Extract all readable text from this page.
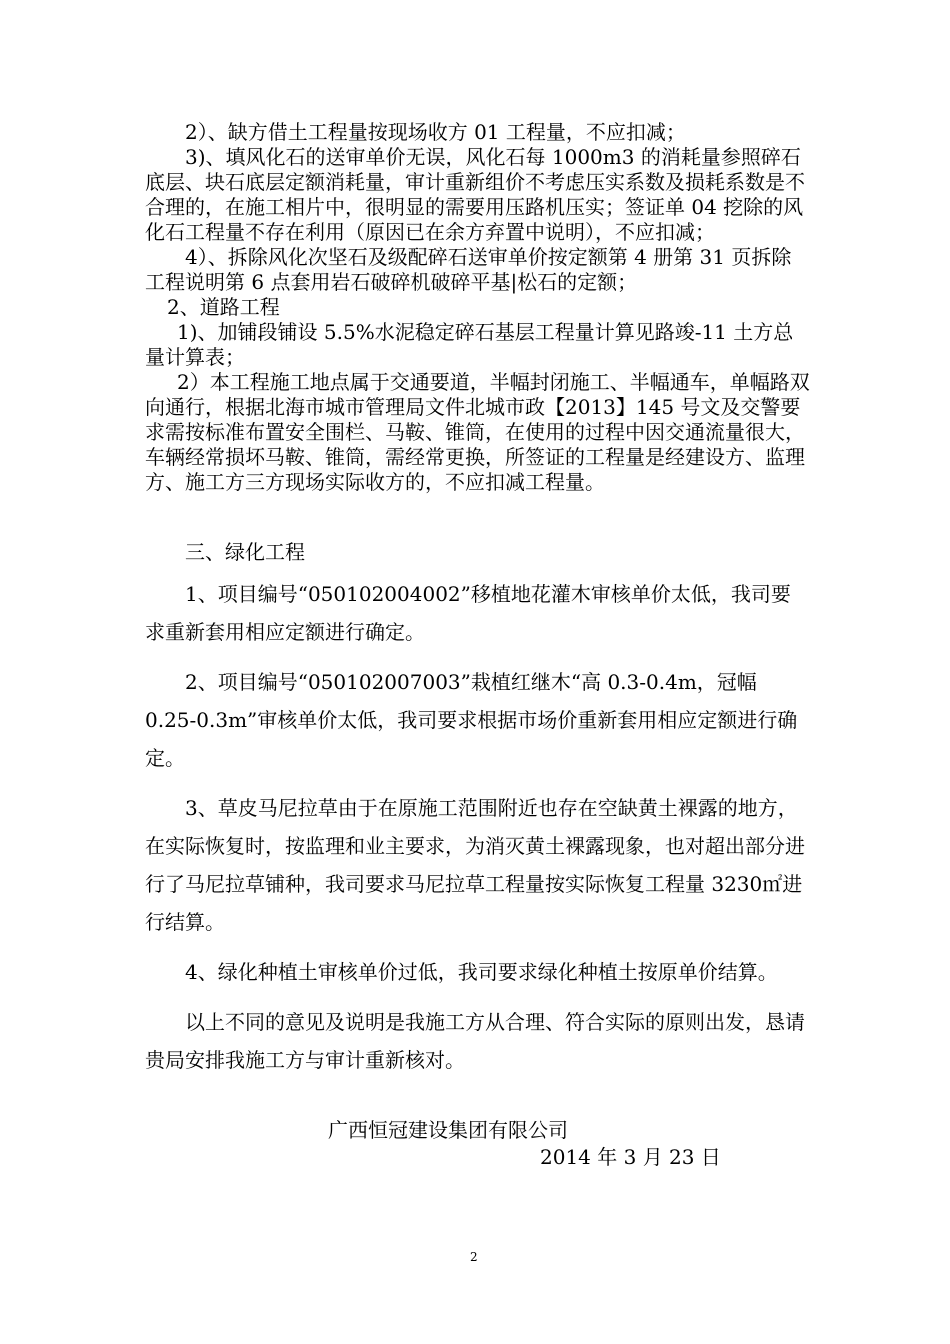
2）、缺方借土工程量按现场收方 01 工程量，不应扣减；

3)、填风化石的送审单价无误，风化石每 1000m3 的消耗量参照碎石底层、块石底层定额消耗量，审计重新组价不考虑压实系数及损耗系数是不合理的，在施工相片中，很明显的需要用压路机压实；签证单 04 挖除的风化石工程量不存在利用（原因已在余方弃置中说明），不应扣减；

4）、拆除风化次坚石及级配碎石送审单价按定额第 4 册第 31 页拆除工程说明第 6 点套用岩石破碎机破碎平基|松石的定额；

2、道路工程

1)、加铺段铺设 5.5%水泥稳定碎石基层工程量计算见路竣-11 土方总量计算表；

2）本工程施工地点属于交通要道，半幅封闭施工、半幅通车，单幅路双向通行，根据北海市城市管理局文件北城市政【2013】145 号文及交警要求需按标准布置安全围栏、马鞍、锥筒，在使用的过程中因交通流量很大，车辆经常损坏马鞍、锥筒，需经常更换，所签证的工程量是经建设方、监理方、施工方三方现场实际收方的，不应扣减工程量。

三、绿化工程

1、项目编号“050102004002”移植地花灌木审核单价太低，我司要求重新套用相应定额进行确定。

2、项目编号“050102007003”栽植红继木“高 0.3-0.4m，冠幅 0.25-0.3m”审核单价太低，我司要求根据市场价重新套用相应定额进行确定。

3、草皮马尼拉草由于在原施工范围附近也存在空缺黄土裸露的地方，在实际恢复时，按监理和业主要求，为消灭黄土裸露现象，也对超出部分进行了马尼拉草铺种，我司要求马尼拉草工程量按实际恢复工程量 3230㎡进行结算。

4、绿化种植土审核单价过低，我司要求绿化种植土按原单价结算。

以上不同的意见及说明是我施工方从合理、符合实际的原则出发，恳请贵局安排我施工方与审计重新核对。

广西恒冠建设集团有限公司
2014 年 3 月 23 日
2
